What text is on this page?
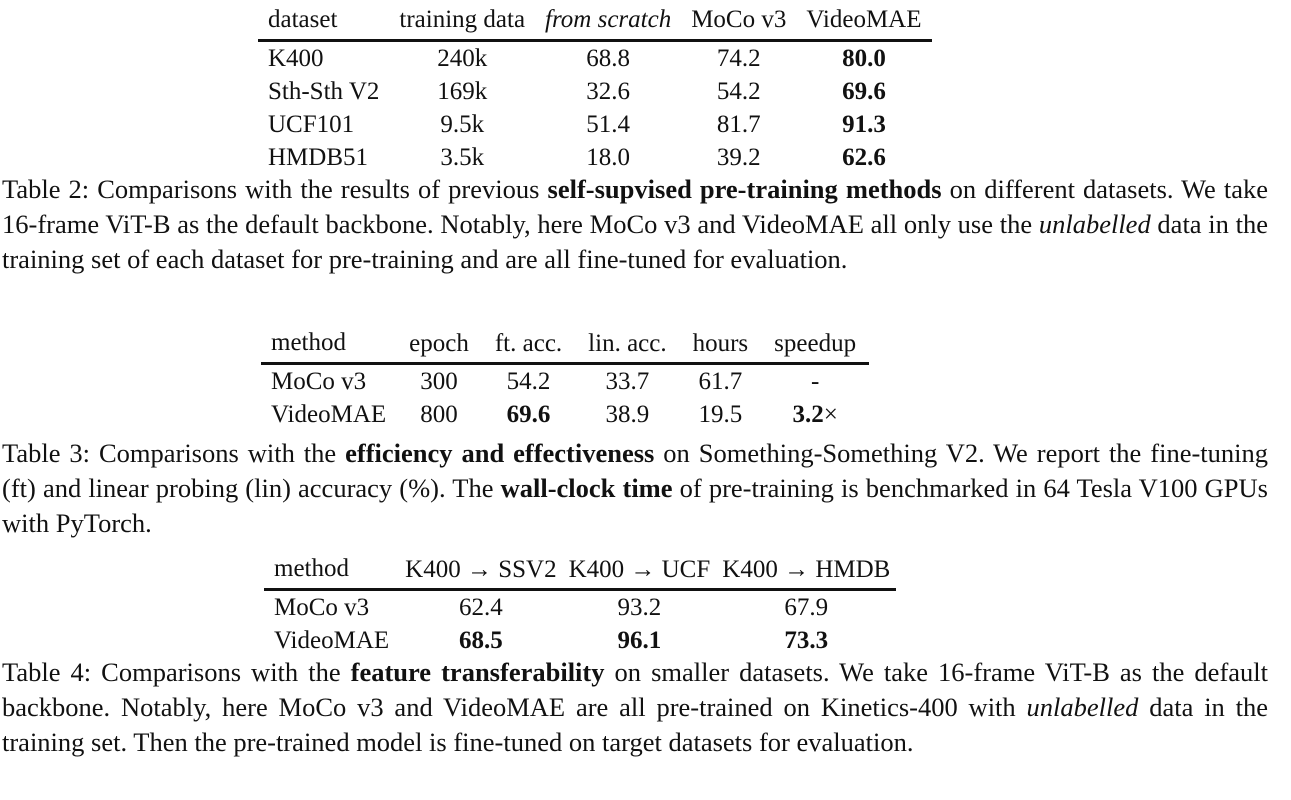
dataset	training data	from scratch	MoCo v3	VideoMAE
K400	240k	68.8	74.2	80.0
Sth-Sth V2	169k	32.6	54.2	69.6
UCF101	9.5k	51.4	81.7	91.3
HMDB51	3.5k	18.0	39.2	62.6

Table 2: Comparisons with the results of previous self-supvised pre-training methods on different datasets. We take 16-frame ViT-B as the default backbone. Notably, here MoCo v3 and VideoMAE all only use the unlabelled data in the training set of each dataset for pre-training and are all fine-tuned for evaluation.

method	epoch	ft. acc.	lin. acc.	hours	speedup
MoCo v3	300	54.2	33.7	61.7	-
VideoMAE	800	69.6	38.9	19.5	3.2×

Table 3: Comparisons with the efficiency and effectiveness on Something-Something V2. We report the fine-tuning (ft) and linear probing (lin) accuracy (%). The wall-clock time of pre-training is benchmarked in 64 Tesla V100 GPUs with PyTorch.

method	K400 → SSV2	K400 → UCF	K400 → HMDB
MoCo v3	62.4	93.2	67.9
VideoMAE	68.5	96.1	73.3

Table 4: Comparisons with the feature transferability on smaller datasets. We take 16-frame ViT-B as the default backbone. Notably, here MoCo v3 and VideoMAE are all pre-trained on Kinetics-400 with unlabelled data in the training set. Then the pre-trained model is fine-tuned on target datasets for evaluation.
